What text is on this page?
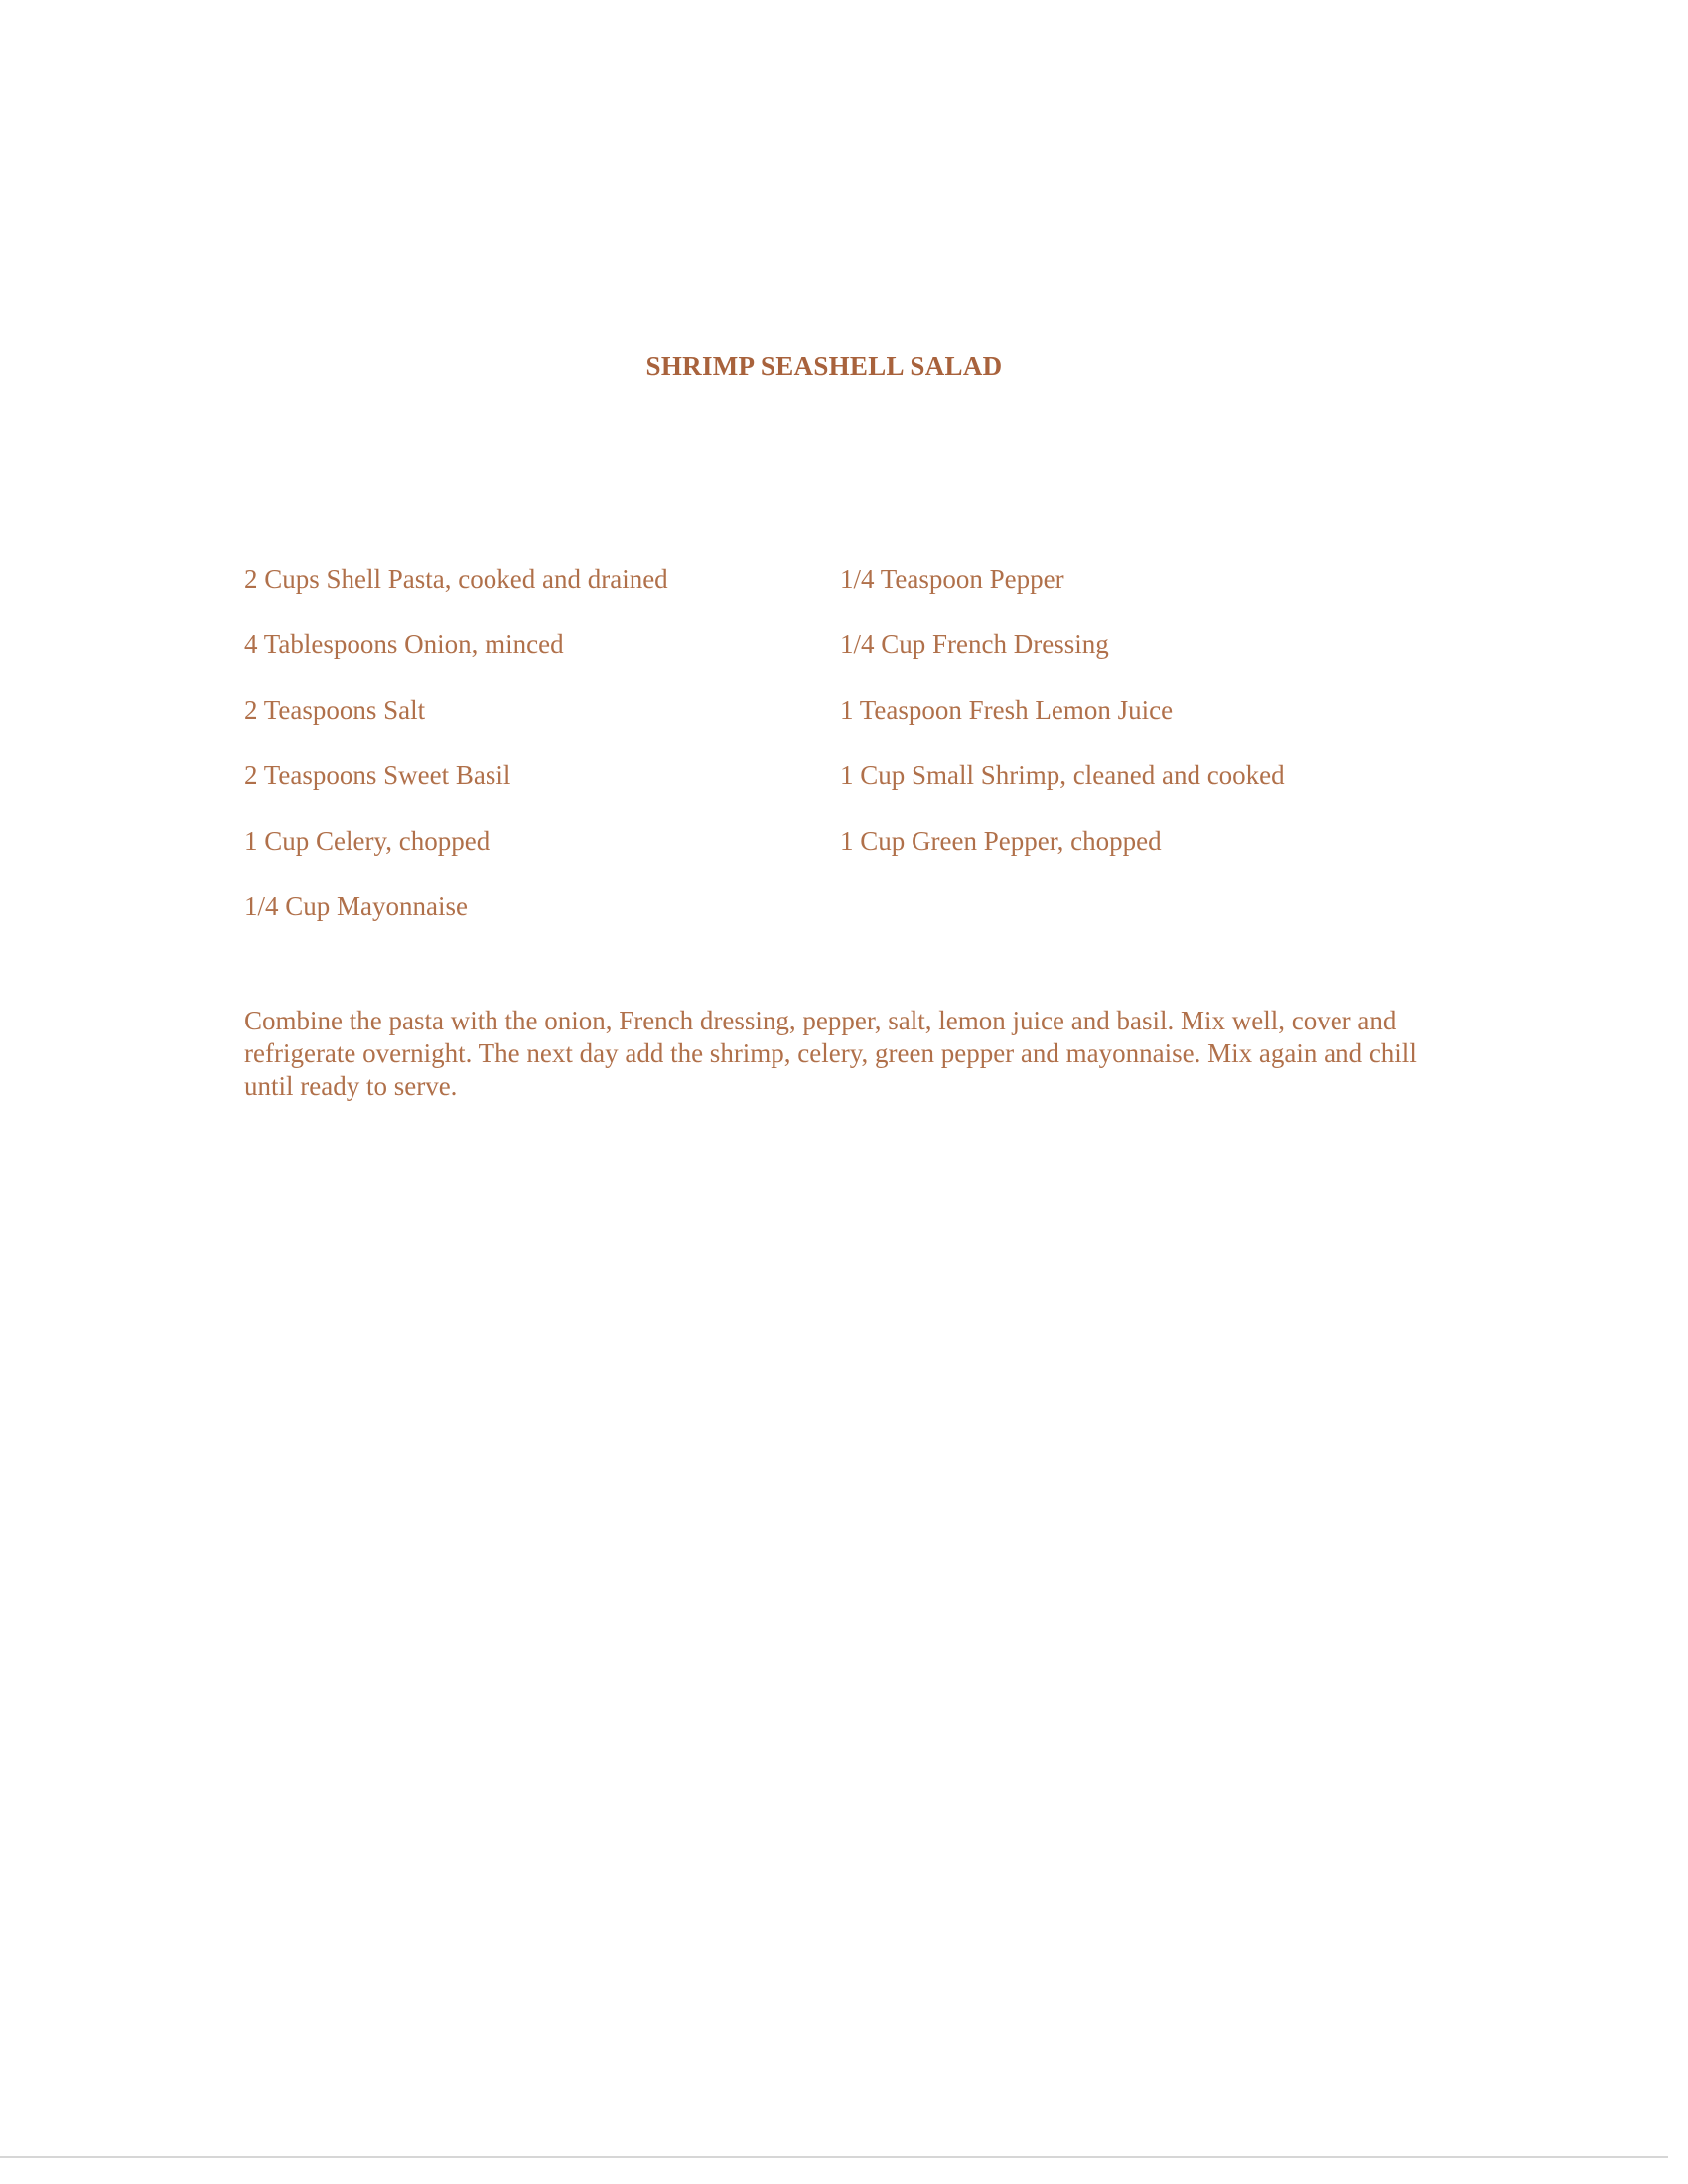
SHRIMP SEASHELL SALAD
2 Cups Shell Pasta, cooked and drained
4 Tablespoons Onion, minced
2 Teaspoons Salt
2 Teaspoons Sweet Basil
1 Cup Celery, chopped
1/4 Cup Mayonnaise
1/4 Teaspoon Pepper
1/4 Cup French Dressing
1 Teaspoon Fresh Lemon Juice
1 Cup Small Shrimp, cleaned and cooked
1 Cup Green Pepper, chopped
Combine the pasta with the onion, French dressing, pepper, salt, lemon juice and basil. Mix well, cover and refrigerate overnight. The next day add the shrimp, celery, green pepper and mayonnaise. Mix again and chill until ready to serve.
